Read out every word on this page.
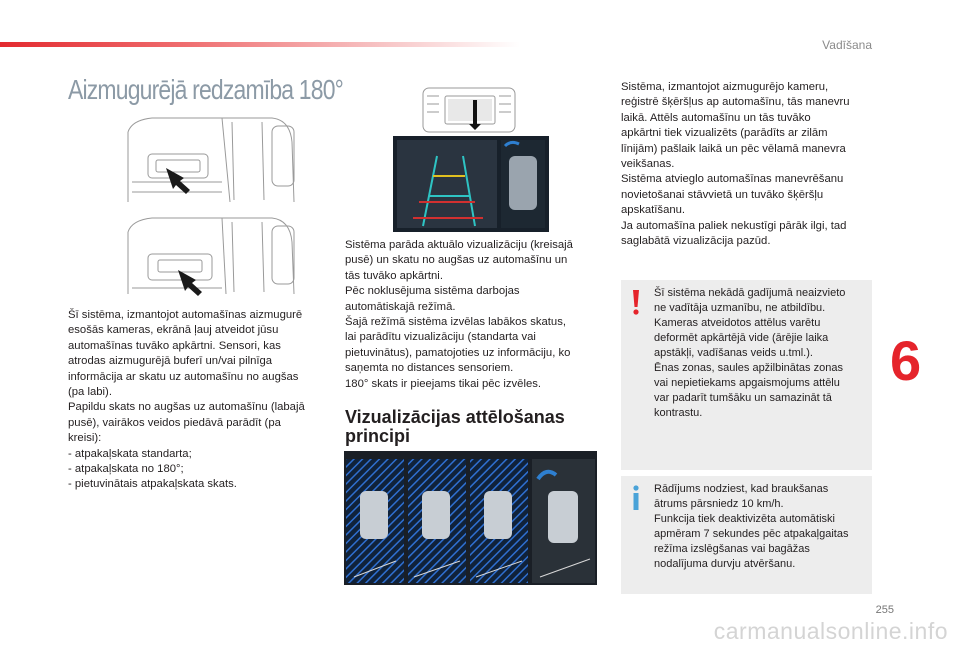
Vadīšana
Aizmugurējā redzamība 180°
Šī sistēma, izmantojot automašīnas aizmugurē
esošās kameras, ekrānā ļauj atveidot jūsu
automašīnas tuvāko apkārtni. Sensori, kas
atrodas aizmugurējā buferī un/vai pilnīga
informācija ar skatu uz automašīnu no augšas
(pa labi).
Papildu skats no augšas uz automašīnu (labajā
pusē), vairākos veidos piedāvā parādīt (pa
kreisi):
- atpakaļskata standarta;
- atpakaļskata no 180°;
- pietuvinātais atpakaļskata skats.
Sistēma parāda aktuālo vizualizāciju (kreisajā
pusē) un skatu no augšas uz automašīnu un
tās tuvāko apkārtni.
Pēc noklusējuma sistēma darbojas
automātiskajā režīmā.
Šajā režīmā sistēma izvēlas labākos skatus,
lai parādītu vizualizāciju (standarta vai
pietuvinātus), pamatojoties uz informāciju, ko
saņemta no distances sensoriem.
180° skats ir pieejams tikai pēc izvēles.
Vizualizācijas attēlošanas principi
Sistēma, izmantojot aizmugurējo kameru,
reģistrē šķēršļus ap automašīnu, tās manevru
laikā. Attēls automašīnu un tās tuvāko
apkārtni tiek vizualizēts (parādīts ar zilām
līnijām) pašlaik laikā un pēc vēlamā manevra
veikšanas.
Sistēma atvieglo automašīnas manevrēšanu
novietošanai stāvvietā un tuvāko šķēršļu
apskatīšanu.
Ja automašīna paliek nekustīgi pārāk ilgi, tad
saglabātā vizualizācija pazūd.
Šī sistēma nekādā gadījumā neaizvieto
ne vadītāja uzmanību, ne atbildību.
Kameras atveidotos attēlus varētu
deformēt apkārtējā vide (ārējie laika
apstākļi, vadīšanas veids u.tml.).
Ēnas zonas, saules apžilbinātas zonas
vai nepietiekams apgaismojums attēlu
var padarīt tumšāku un samazināt tā
kontrastu.
Rādījums nodziest, kad braukšanas
ātrums pārsniedz 10 km/h.
Funkcija tiek deaktivizēta automātiski
apmēram 7 sekundes pēc atpakaļgaitas
režīma izslēgšanas vai bagāžas
nodalījuma durvju atvēršanu.
6
255
carmanualsonline.info
